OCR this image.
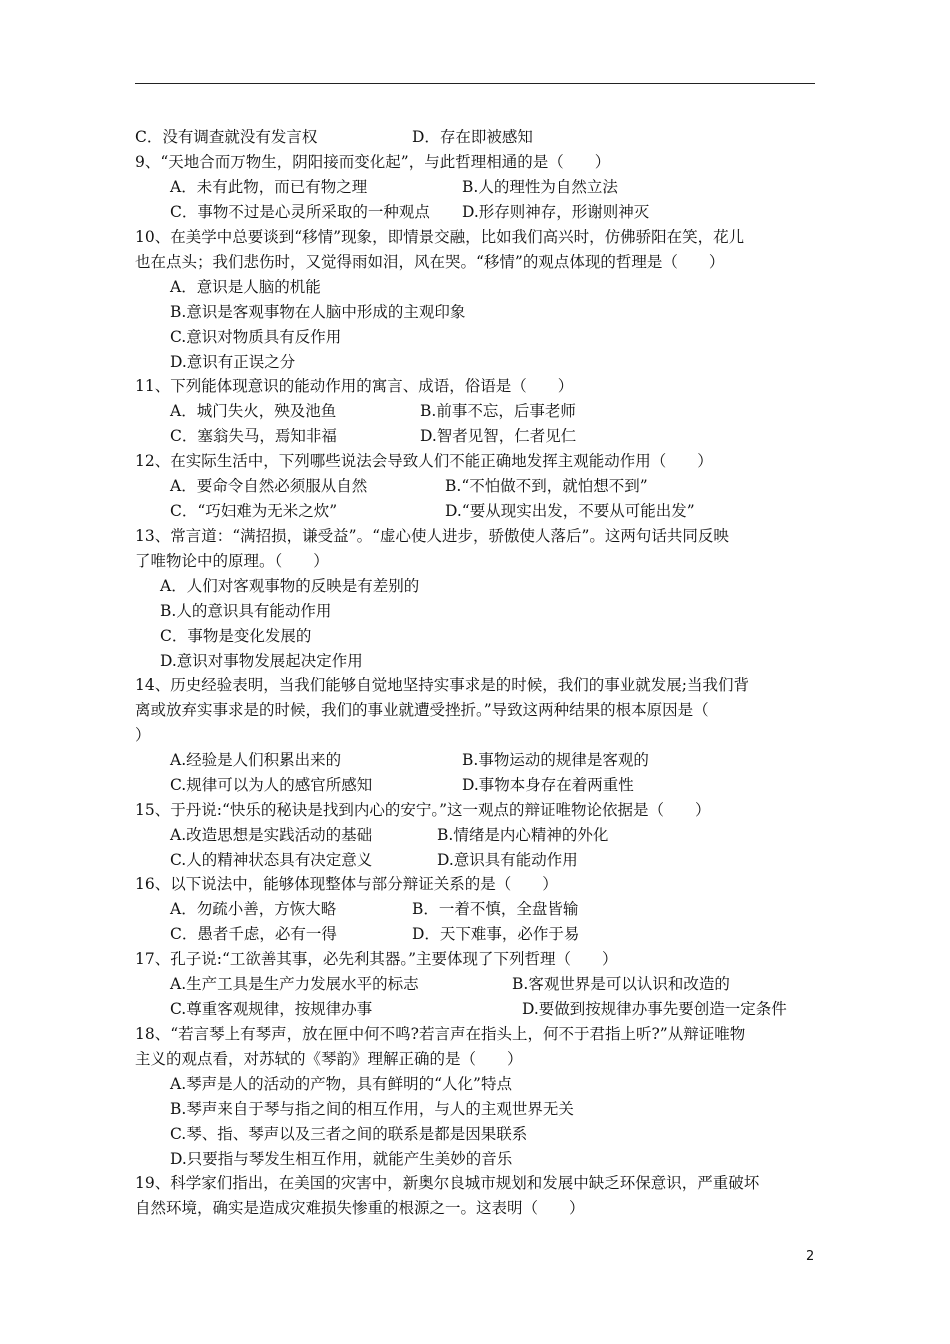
C．没有调查就没有发言权	D．存在即被感知
9、“天地合而万物生，阴阳接而变化起”，与此哲理相通的是（　　）
A．未有此物，而已有物之理	B.人的理性为自然立法
C．事物不过是心灵所采取的一种观点 D.形存则神存，形谢则神灭
10、在美学中总要谈到“移情”现象，即情景交融，比如我们高兴时，仿佛骄阳在笑，花儿
也在点头；我们悲伤时，又觉得雨如泪，风在哭。“移情”的观点体现的哲理是（　　）
A．意识是人脑的机能
B.意识是客观事物在人脑中形成的主观印象
C.意识对物质具有反作用
D.意识有正误之分
11、下列能体现意识的能动作用的寓言、成语，俗语是（　　）
A．城门失火，殃及池鱼	B.前事不忘，后事老师
C．塞翁失马，焉知非福	D.智者见智，仁者见仁
12、在实际生活中，下列哪些说法会导致人们不能正确地发挥主观能动作用（　　）
A．要命令自然必须服从自然	B.“不怕做不到，就怕想不到”
C．“巧妇难为无米之炊”	D.“要从现实出发，不要从可能出发”
13、常言道：“满招损，谦受益”。“虚心使人进步，骄傲使人落后”。这两句话共同反映
了唯物论中的原理。（　　）
A．人们对客观事物的反映是有差别的
B.人的意识具有能动作用
C．事物是变化发展的
D.意识对事物发展起决定作用
14、历史经验表明，当我们能够自觉地坚持实事求是的时候，我们的事业就发展;当我们背
离或放弃实事求是的时候，我们的事业就遭受挫折。”导致这两种结果的根本原因是（
）
A.经验是人们积累出来的	B.事物运动的规律是客观的
C.规律可以为人的感官所感知	D.事物本身存在着两重性
15、于丹说:“快乐的秘诀是找到内心的安宁。”这一观点的辩证唯物论依据是（　　）
A.改造思想是实践活动的基础	B.情绪是内心精神的外化
C.人的精神状态具有决定意义	D.意识具有能动作用
16、以下说法中，能够体现整体与部分辩证关系的是（　　）
A．勿疏小善，方恢大略	B．一着不慎，全盘皆输
C．愚者千虑，必有一得	D．天下难事，必作于易
17、孔子说:“工欲善其事，必先利其器。”主要体现了下列哲理（　　）
A.生产工具是生产力发展水平的标志	B.客观世界是可以认识和改造的
C.尊重客观规律，按规律办事	D.要做到按规律办事先要创造一定条件
18、“若言琴上有琴声，放在匣中何不鸣?若言声在指头上，何不于君指上听?”从辩证唯物
主义的观点看，对苏轼的《琴韵》理解正确的是（　　）
A.琴声是人的活动的产物，具有鲜明的“人化”特点
B.琴声来自于琴与指之间的相互作用，与人的主观世界无关
C.琴、指、琴声以及三者之间的联系是都是因果联系
D.只要指与琴发生相互作用，就能产生美妙的音乐
19、科学家们指出，在美国的灾害中，新奥尔良城市规划和发展中缺乏环保意识，严重破坏
自然环境，确实是造成灾难损失惨重的根源之一。这表明（　　）
2
